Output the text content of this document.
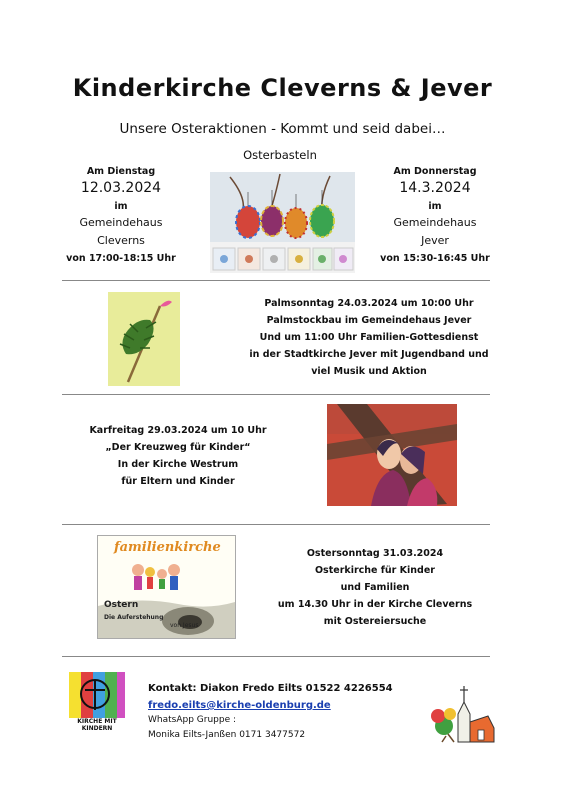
Kinderkirche Cleverns & Jever
Unsere Osteraktionen - Kommt und seid dabei…
Osterbasteln
Am Dienstag
12.03.2024
im
Gemeindehaus
Cleverns
von 17:00-18:15 Uhr
Am Donnerstag
14.3.2024
im
Gemeindehaus
Jever
von 15:30-16:45 Uhr
Palmsonntag 24.03.2024 um 10:00 Uhr
Palmstockbau im Gemeindehaus Jever
Und um 11:00 Uhr Familien-Gottesdienst
in der Stadtkirche Jever mit Jugendband und
viel Musik und Aktion
Karfreitag 29.03.2024 um 10 Uhr
„Der Kreuzweg für Kinder“
In der Kirche Westrum
für Eltern und Kinder
familienkirche
Ostern
Die Auferstehung
von Jesus
Ostersonntag 31.03.2024
Osterkirche für Kinder
und Familien
um 14.30 Uhr in der Kirche Cleverns
mit Ostereiersuche
KIRCHE MIT
KINDERN
Kontakt: Diakon Fredo Eilts 01522 4226554
fredo.eilts@kirche-oldenburg.de
WhatsApp Gruppe :
Monika Eilts-Janßen 0171 3477572
